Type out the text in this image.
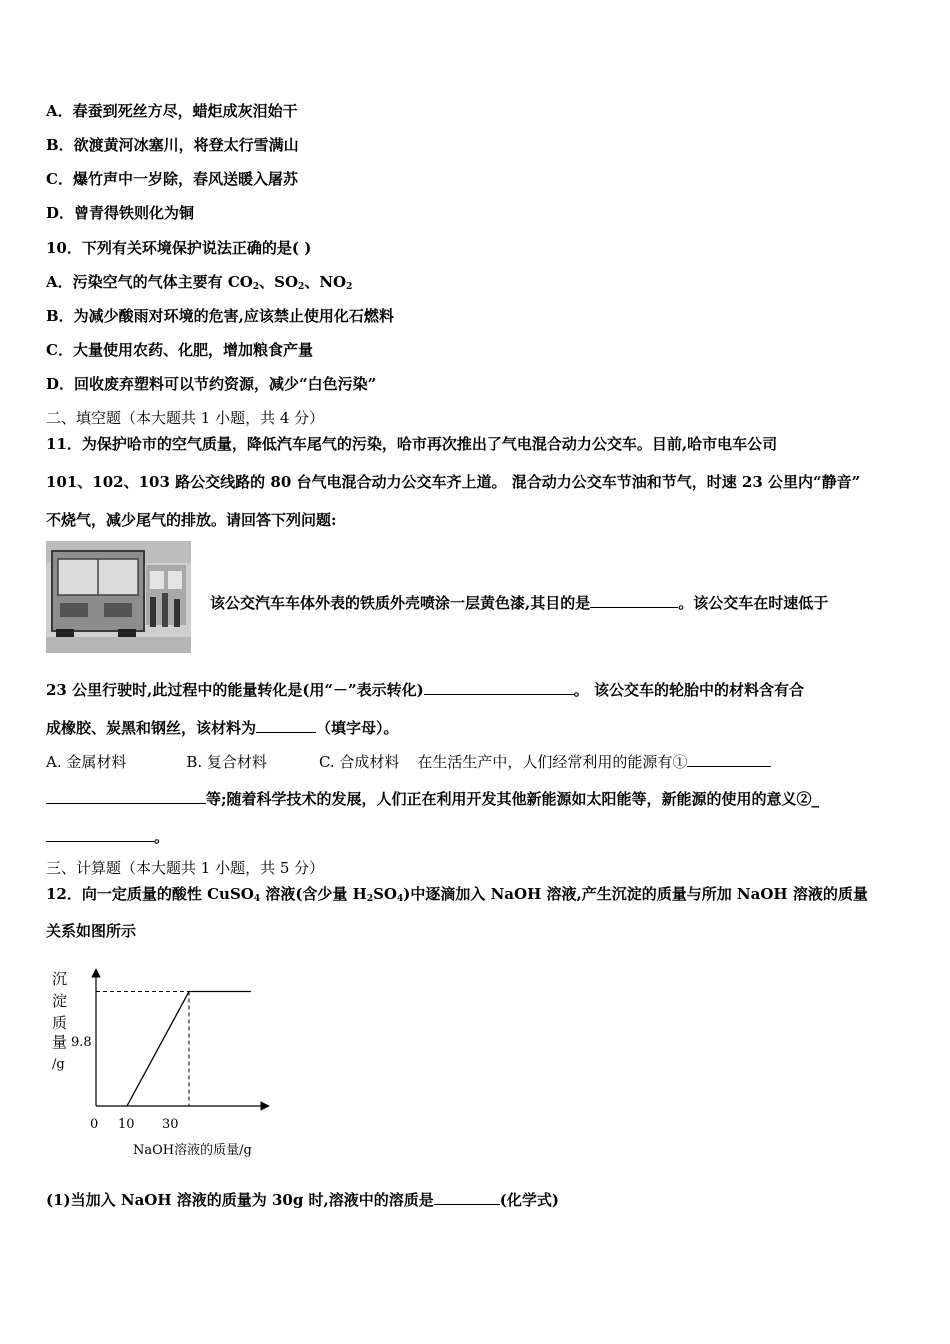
A．春蚕到死丝方尽，蜡炬成灰泪始干
B．欲渡黄河冰塞川，将登太行雪满山
C．爆竹声中一岁除，春风送暖入屠苏
D．曾青得铁则化为铜
10．下列有关环境保护说法正确的是( )
A．污染空气的气体主要有 $CO_2$、$SO_2$、$NO_2$
B．为减少酸雨对环境的危害,应该禁止使用化石燃料
C．大量使用农药、化肥，增加粮食产量
D．回收废弃塑料可以节约资源，减少“白色污染”
二、填空题（本大题共 1 小题，共 4 分）
11．为保护哈市的空气质量，降低汽车尾气的污染，哈市再次推出了气电混合动力公交车。目前,哈市电车公司
101、102、103 路公交线路的 80 台气电混合动力公交车齐上道。 混合动力公交车节油和节气，时速 23 公里内“静音”
不烧气，减少尾气的排放。请回答下列问题:
该公交汽车车体外表的铁质外壳喷涂一层黄色漆,其目的是	。该公交车在时速低于
23 公里行驶时,此过程中的能量转化是(用“－”表示转化)	。 该公交车的轮胎中的材料含有合
成橡胶、炭黑和钢丝，该材料为	（填字母）。
A. 金属材料	B. 复合材料	C. 合成材料 在生活生产中，人们经常利用的能源有①
等;随着科学技术的发展，人们正在利用开发其他新能源如太阳能等，新能源的使用的意义②_
。
三、计算题（本大题共 1 小题，共 5 分）
12．向一定质量的酸性 CuSO$_4$ 溶液(含少量 $H_2SO_4$)中逐滴加入 NaOH 溶液,产生沉淀的质量与所加 NaOH 溶液的质量
关系如图所示
沉
淀
质
量
/g
9.8
0 10 30
NaOH溶液的质量/g
(1)当加入 NaOH 溶液的质量为 30g 时,溶液中的溶质是	(化学式)
